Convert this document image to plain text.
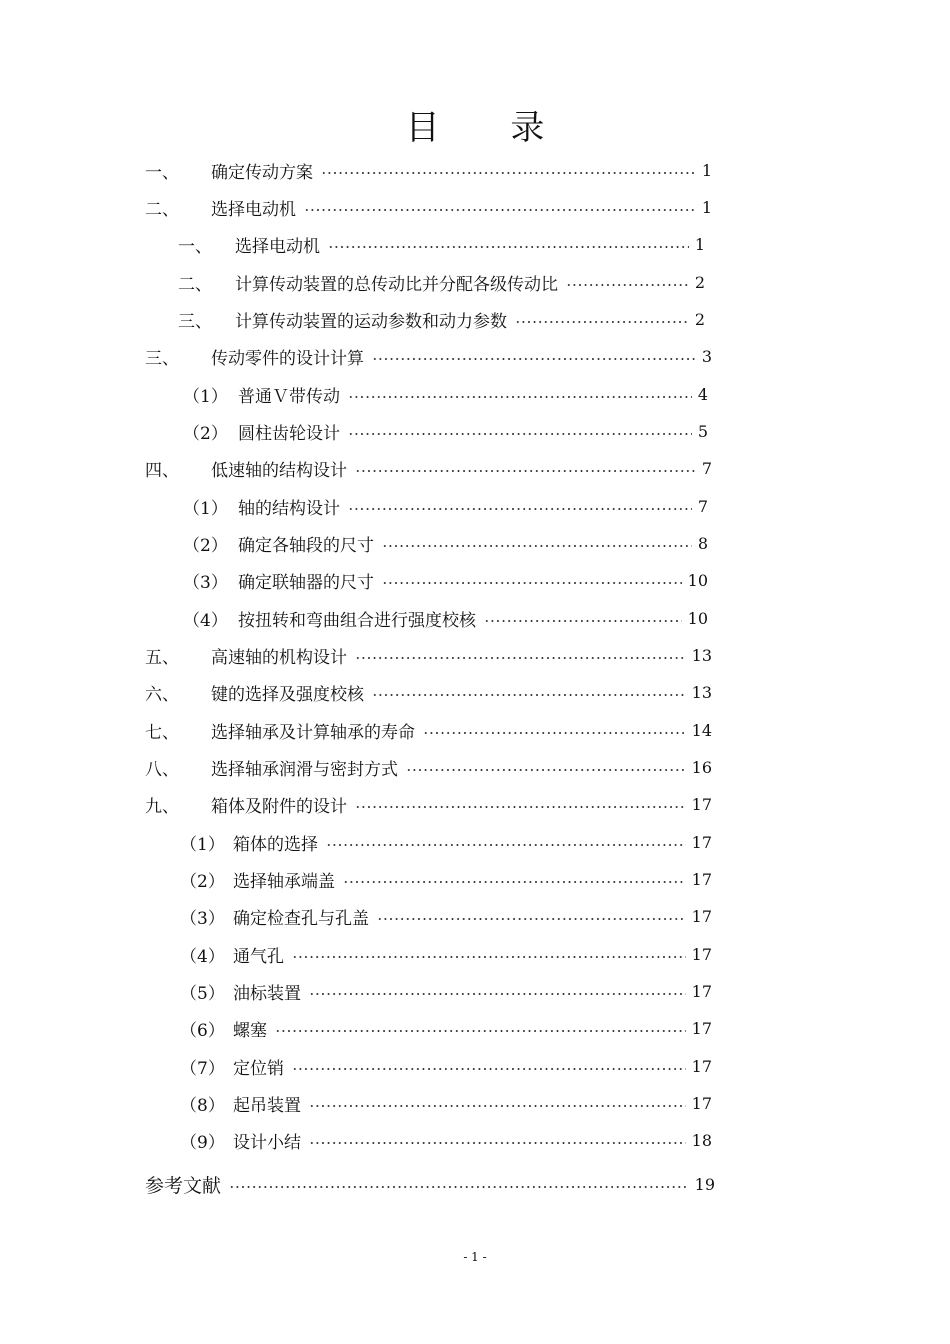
目 录
一、	确定传动方案	1
二、	选择电动机	1
一、	选择电动机	1
二、	计算传动装置的总传动比并分配各级传动比	2
三、	计算传动装置的运动参数和动力参数	2
三、	传动零件的设计计算	3
（1） 普通Ｖ带传动	4
（2） 圆柱齿轮设计	5
四、	低速轴的结构设计	7
（1） 轴的结构设计	7
（2） 确定各轴段的尺寸	8
（3） 确定联轴器的尺寸	10
（4） 按扭转和弯曲组合进行强度校核	10
五、	高速轴的机构设计	13
六、	键的选择及强度校核	13
七、	选择轴承及计算轴承的寿命	14
八、	选择轴承润滑与密封方式	16
九、	箱体及附件的设计	17
（1） 箱体的选择	17
（2） 选择轴承端盖	17
（3） 确定检查孔与孔盖	17
（4） 通气孔	17
（5） 油标装置	17
（6） 螺塞	17
（7） 定位销	17
（8） 起吊装置	17
（9） 设计小结	18
参考文献	19
- 1 -
